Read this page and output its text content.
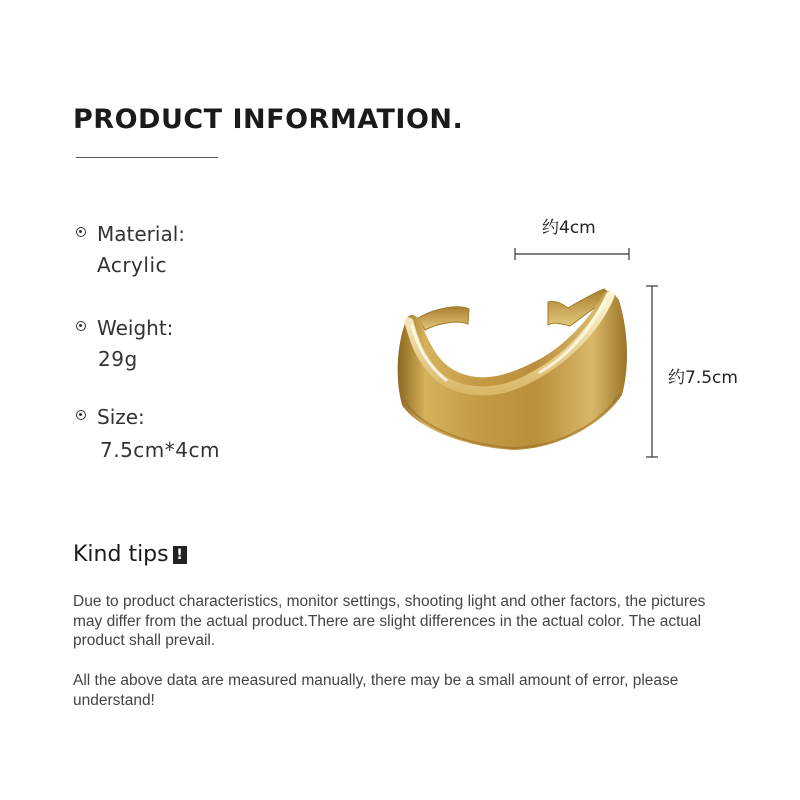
PRODUCT INFORMATION.
Material:
Acrylic
Weight:
29g
Size:
7.5cm*4cm
约4cm
约7.5cm
Kind tips !
Due to product characteristics, monitor settings, shooting light and other factors, the pictures may differ from the actual product.There are slight differences in the actual color. The actual product shall prevail.
All the above data are measured manually, there may be a small amount of error, please understand!
